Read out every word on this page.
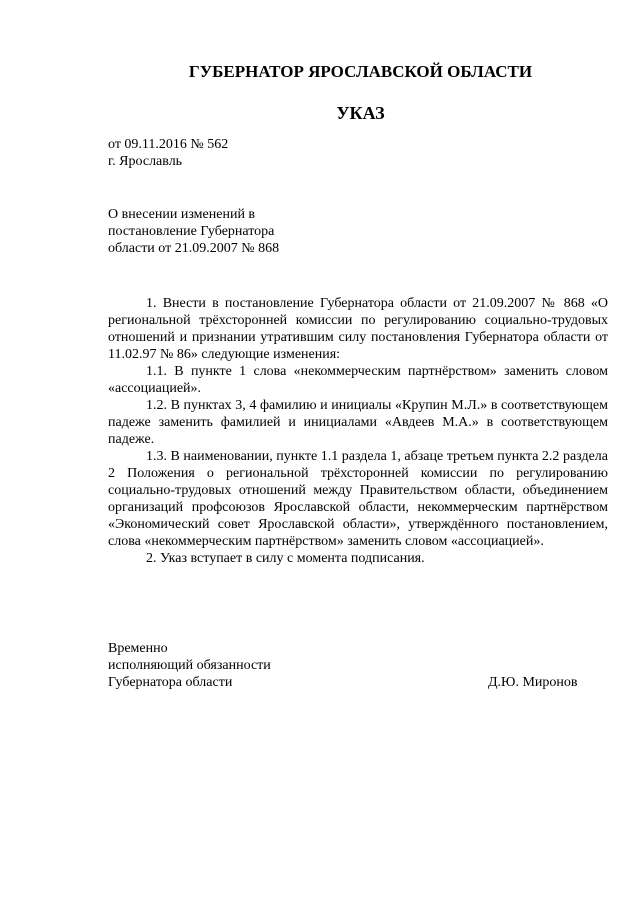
ГУБЕРНАТОР ЯРОСЛАВСКОЙ ОБЛАСТИ
УКАЗ
от 09.11.2016 № 562
г. Ярославль
О внесении изменений в
постановление Губернатора
области от 21.09.2007 № 868

1. Внести в постановление Губернатора области от 21.09.2007 № 868 «О региональной трёхсторонней комиссии по регулированию социально-трудовых отношений и признании утратившим силу постановления Губернатора области от 11.02.97 № 86» следующие изменения:

1.1. В пункте 1 слова «некоммерческим партнёрством» заменить словом «ассоциацией».

1.2. В пунктах 3, 4 фамилию и инициалы «Крупин М.Л.» в соответствующем падеже заменить фамилией и инициалами «Авдеев М.А.» в соответствующем падеже.

1.3. В наименовании, пункте 1.1 раздела 1, абзаце третьем пункта 2.2 раздела 2 Положения о региональной трёхсторонней комиссии по регулированию социально-трудовых отношений между Правительством области, объединением организаций профсоюзов Ярославской области, некоммерческим партнёрством «Экономический совет Ярославской области», утверждённого постановлением, слова «некоммерческим партнёрством» заменить словом «ассоциацией».

2. Указ вступает в силу с момента подписания.

Временно
исполняющий обязанности
Губернатора области	Д.Ю. Миронов
